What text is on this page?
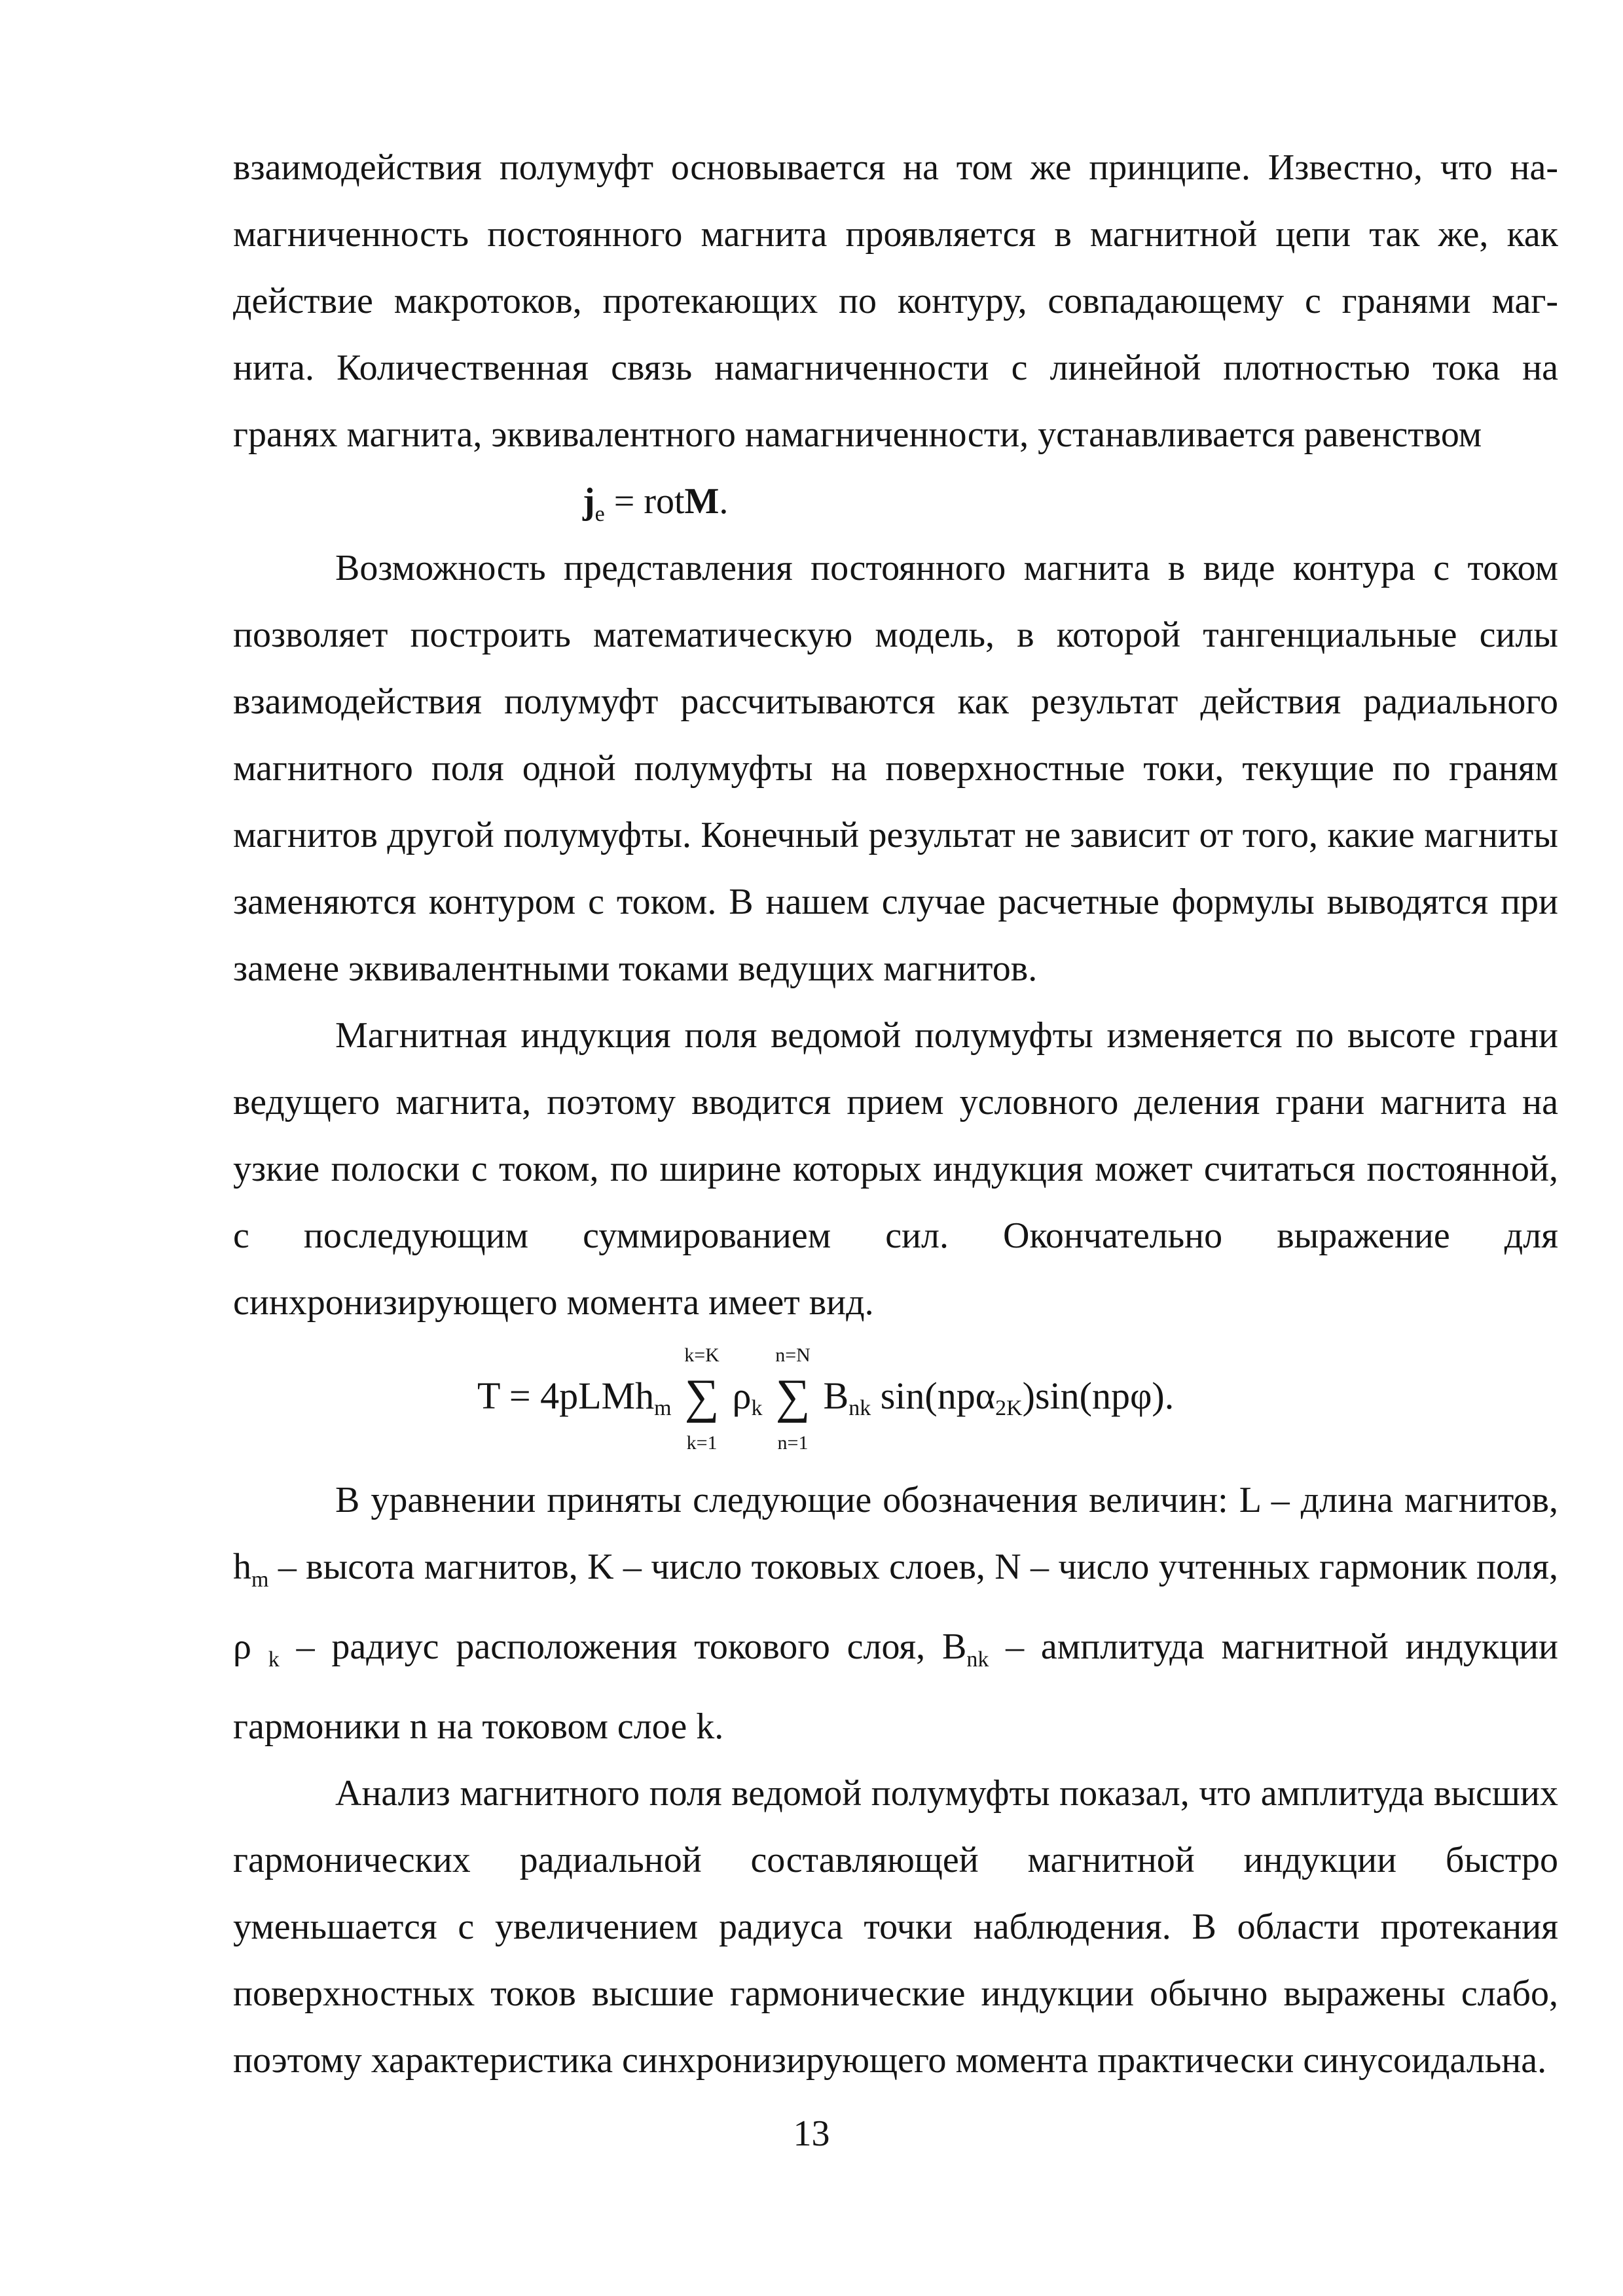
взаимодействия полумуфт основывается на том же принципе. Известно, что на-
магниченность постоянного магнита проявляется в магнитной цепи так же, как
действие макротоков, протекающих по контуру, совпадающему с гранями маг-
нита. Количественная связь намагниченности с линейной плотностью тока на
гранях магнита, эквивалентного намагниченности, устанавливается равенством
$j_e$ = rotM.

Возможность представления постоянного магнита в виде контура с током позволяет построить математическую модель, в которой тангенциальные силы взаимодействия полумуфт рассчитываются как результат действия радиального магнитного поля одной полумуфты на поверхностные токи, текущие по граням магнитов другой полумуфты. Конечный результат не зависит от того, какие магниты заменяются контуром с током. В нашем случае расчетные формулы выводятся при замене эквивалентными токами ведущих магнитов.

Магнитная индукция поля ведомой полумуфты изменяется по высоте грани ведущего магнита, поэтому вводится прием условного деления грани магнита на узкие полоски с током, по ширине которых индукция может считаться постоянной, с последующим суммированием сил. Окончательно выражение для синхронизирующего момента имеет вид.

T = 4pLMhm
k=K
∑
k=1
ρk
n=N
∑
n=1
Bnk sin(npα2K)sin(npφ).

В уравнении приняты следующие обозначения величин: L – длина магнитов, $h_m$ – высота магнитов, K – число токовых слоев, N – число учтенных гармоник поля, ρ $_k$ – радиус расположения токового слоя, $B_{nk}$ – амплитуда магнитной индукции гармоники n на токовом слое k.

Анализ магнитного поля ведомой полумуфты показал, что амплитуда высших гармонических радиальной составляющей магнитной индукции быстро уменьшается с увеличением радиуса точки наблюдения. В области протекания поверхностных токов высшие гармонические индукции обычно выражены слабо, поэтому характеристика синхронизирующего момента практически синусоидальна.

13
